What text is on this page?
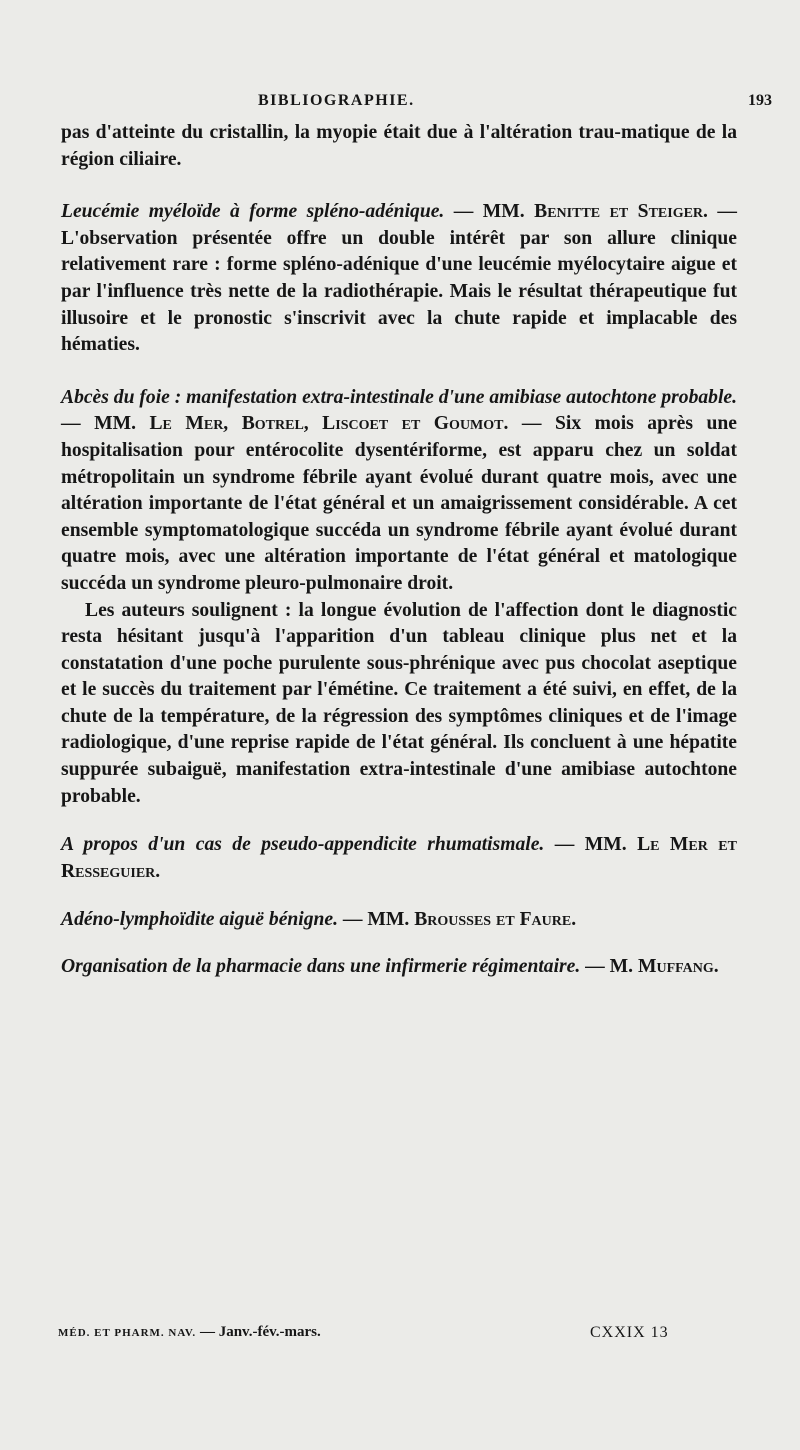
BIBLIOGRAPHIE.	193

pas d'atteinte du cristallin, la myopie était due à l'altération trau-matique de la région ciliaire.

Leucémie myéloïde à forme spléno-adénique. — MM. Benitte et Steiger. — L'observation présentée offre un double intérêt par son allure clinique relativement rare : forme spléno-adénique d'une leucémie myélocytaire aigue et par l'influence très nette de la radiothérapie. Mais le résultat thérapeutique fut illusoire et le pronostic s'inscrivit avec la chute rapide et implacable des hématies.

Abcès du foie : manifestation extra-intestinale d'une amibiase autochtone probable. — MM. Le Mer, Botrel, Liscoet et Goumot. — Six mois après une hospitalisation pour entérocolite dysentériforme, est apparu chez un soldat métropolitain un syndrome fébrile ayant évolué durant quatre mois, avec une altération importante de l'état général et un amaigrissement considérable. A cet ensemble symptomatologique succéda un syndrome fébrile ayant évolué durant quatre mois, avec une altération importante de l'état général et matologique succéda un syndrome pleuro-pulmonaire droit.

Les auteurs soulignent : la longue évolution de l'affection dont le diagnostic resta hésitant jusqu'à l'apparition d'un tableau clinique plus net et la constatation d'une poche purulente sous-phrénique avec pus chocolat aseptique et le succès du traitement par l'émétine. Ce traitement a été suivi, en effet, de la chute de la température, de la régression des symptômes cliniques et de l'image radiologique, d'une reprise rapide de l'état général. Ils concluent à une hépatite suppurée subaiguë, manifestation extra-intestinale d'une amibiase autochtone probable.

A propos d'un cas de pseudo-appendicite rhumatismale. — MM. Le Mer et Resseguier.

Adéno-lymphoïdite aiguë bénigne. — MM. Brousses et Faure.

Organisation de la pharmacie dans une infirmerie régimentaire. — M. Muffang.

MÉD. ET PHARM. NAV. — Janv.-fév.-mars.	CXXIX 13
